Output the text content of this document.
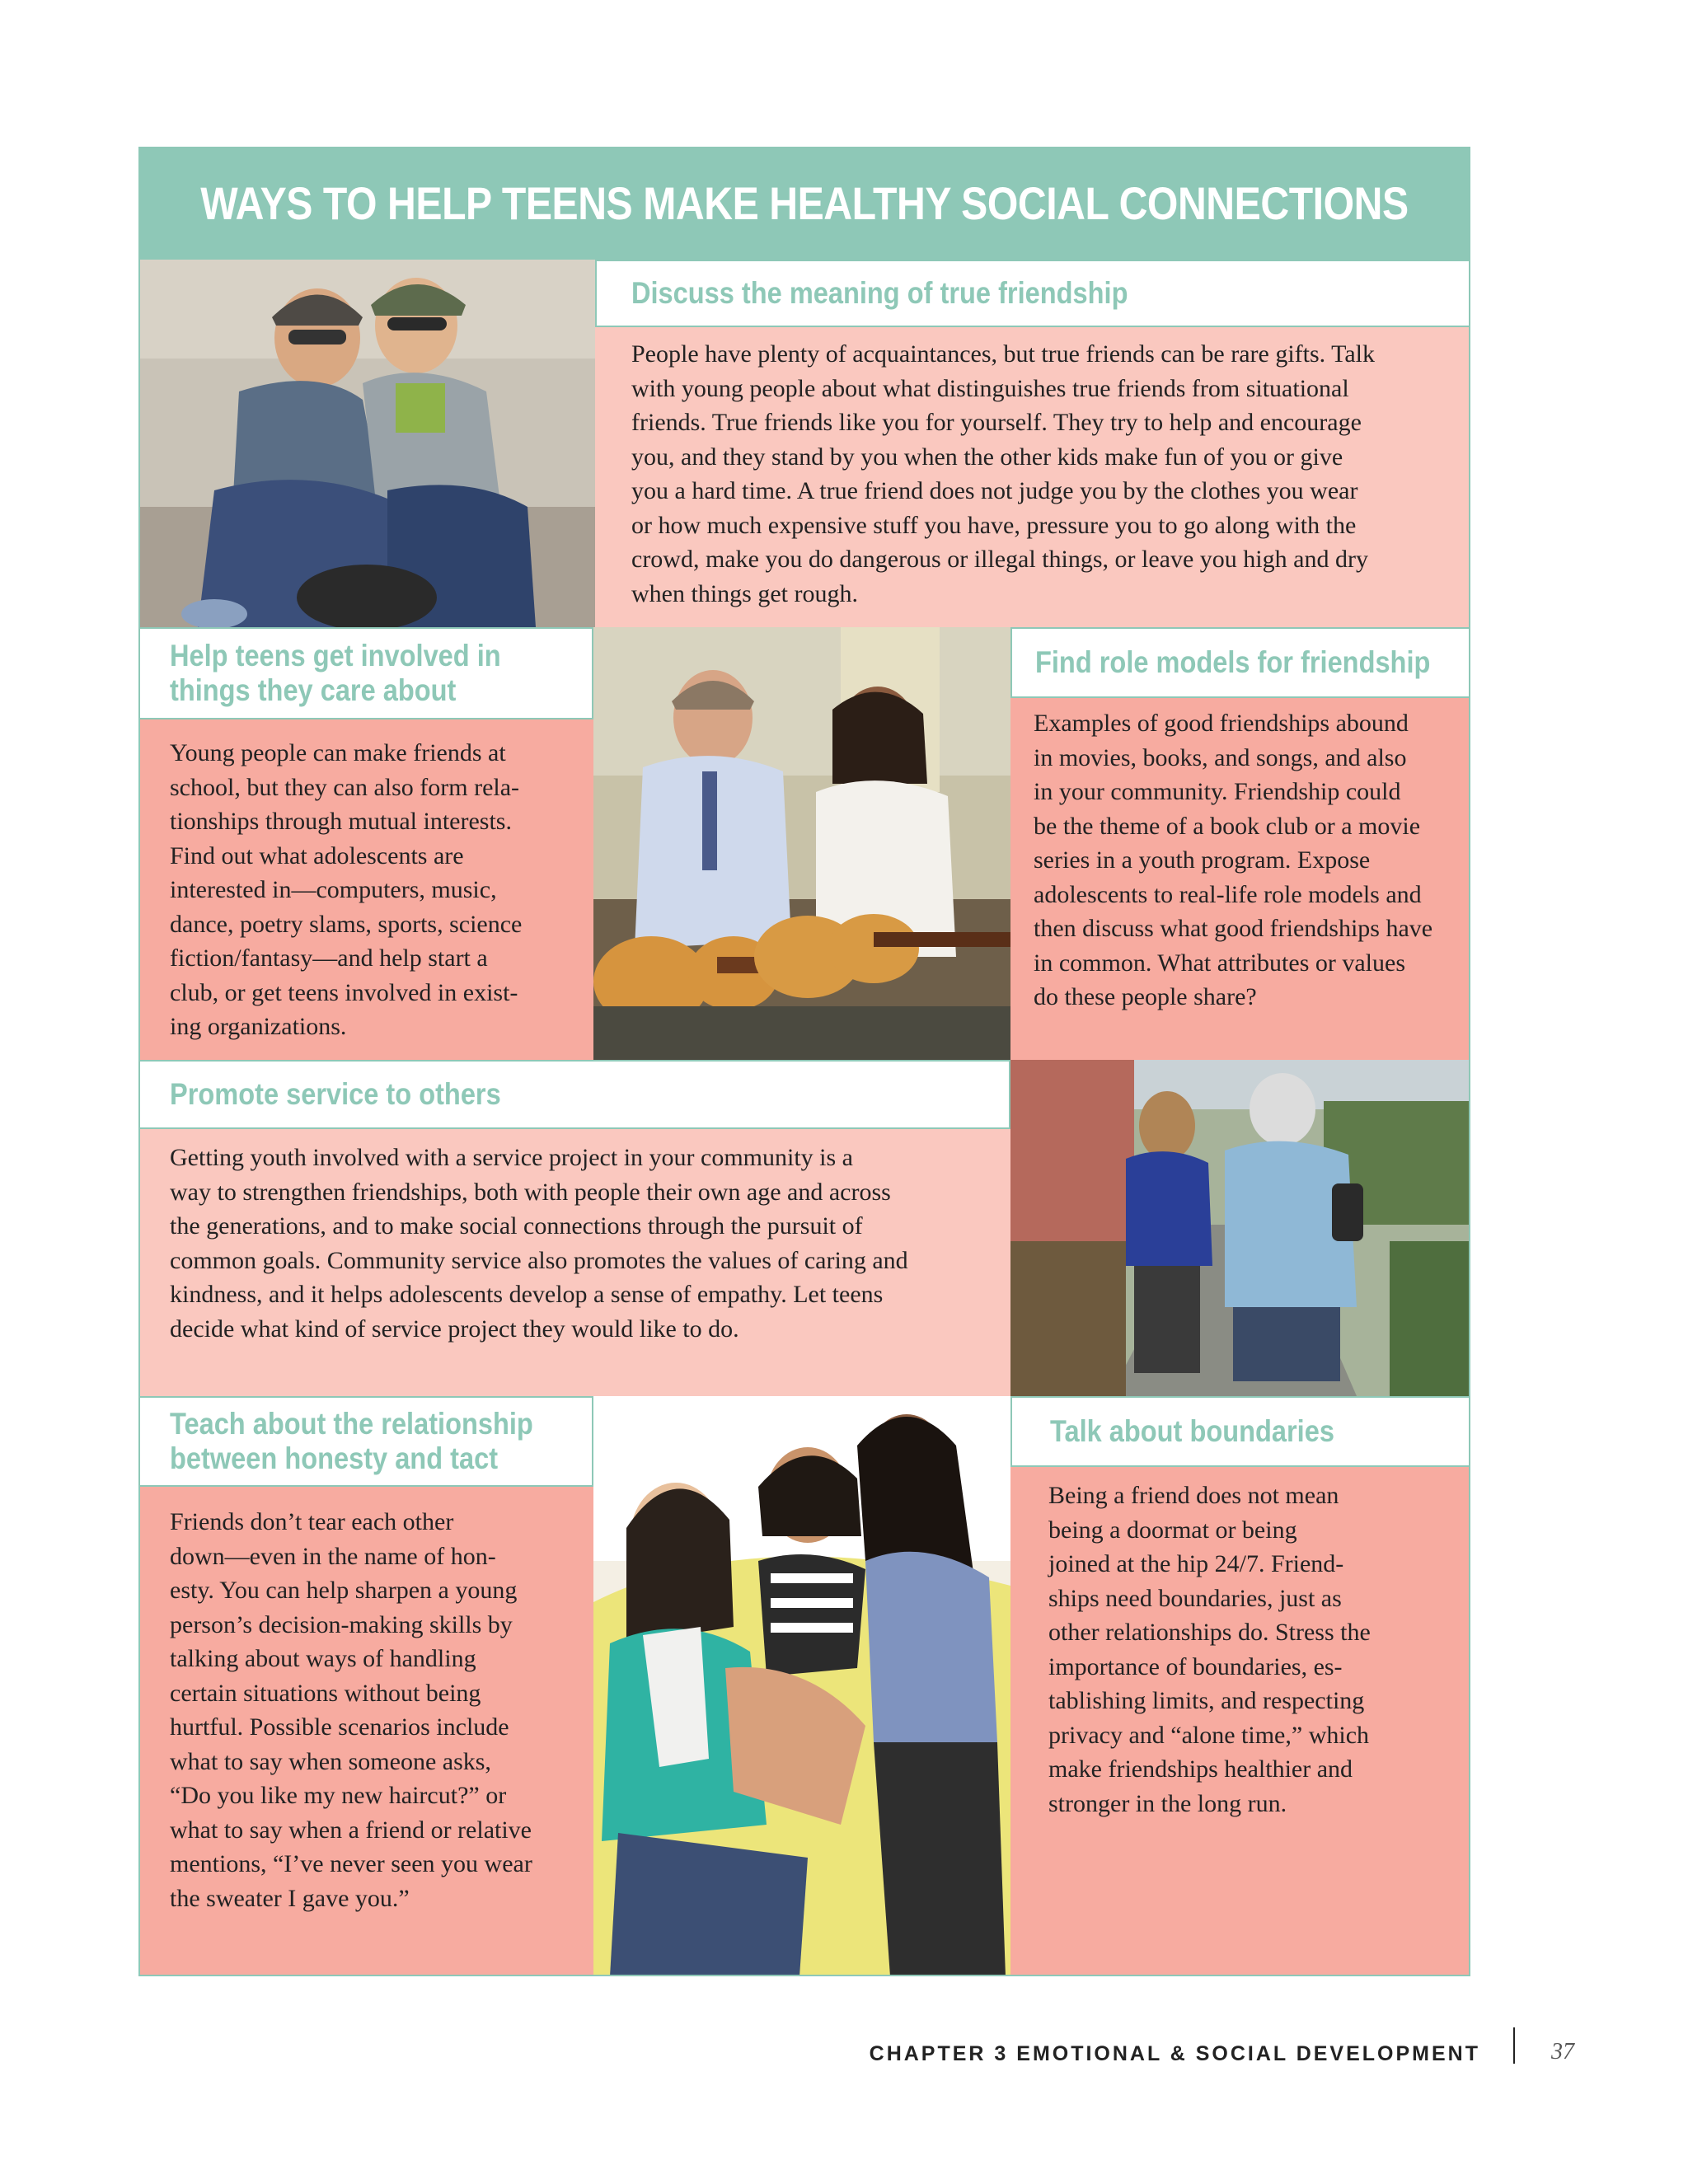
WAYS TO HELP TEENS MAKE HEALTHY SOCIAL CONNECTIONS
Discuss the meaning of true friendship
People have plenty of acquaintances, but true friends can be rare gifts. Talk
with young people about what distinguishes true friends from situational
friends. True friends like you for yourself. They try to help and encourage
you, and they stand by you when the other kids make fun of you or give
you a hard time. A true friend does not judge you by the clothes you wear
or how much expensive stuff you have, pressure you to go along with the
crowd, make you do dangerous or illegal things, or leave you high and dry
when things get rough.
Help teens get involved in
things they care about
Young people can make friends at
school, but they can also form rela-
tionships through mutual interests.
Find out what adolescents are
interested in—computers, music,
dance, poetry slams, sports, science
fiction/fantasy—and help start a
club, or get teens involved in exist-
ing organizations.
Find role models for friendship
Examples of good friendships abound
in movies, books, and songs, and also
in your community. Friendship could
be the theme of a book club or a movie
series in a youth program. Expose
adolescents to real-life role models and
then discuss what good friendships have
in common. What attributes or values
do these people share?
Promote service to others
Getting youth involved with a service project in your community is a
way to strengthen friendships, both with people their own age and across
the generations, and to make social connections through the pursuit of
common goals. Community service also promotes the values of caring and
kindness, and it helps adolescents develop a sense of empathy. Let teens
decide what kind of service project they would like to do.
Teach about the relationship
between honesty and tact
Friends don’t tear each other
down—even in the name of hon-
esty. You can help sharpen a young
person’s decision-making skills by
talking about ways of handling
certain situations without being
hurtful. Possible scenarios include
what to say when someone asks,
“Do you like my new haircut?” or
what to say when a friend or relative
mentions, “I’ve never seen you wear
the sweater I gave you.”
Talk about boundaries
Being a friend does not mean
being a doormat or being
joined at the hip 24/7. Friend-
ships need boundaries, just as
other relationships do. Stress the
importance of boundaries, es-
tablishing limits, and respecting
privacy and “alone time,” which
make friendships healthier and
stronger in the long run.
CHAPTER 3 EMOTIONAL & SOCIAL DEVELOPMENT	37
